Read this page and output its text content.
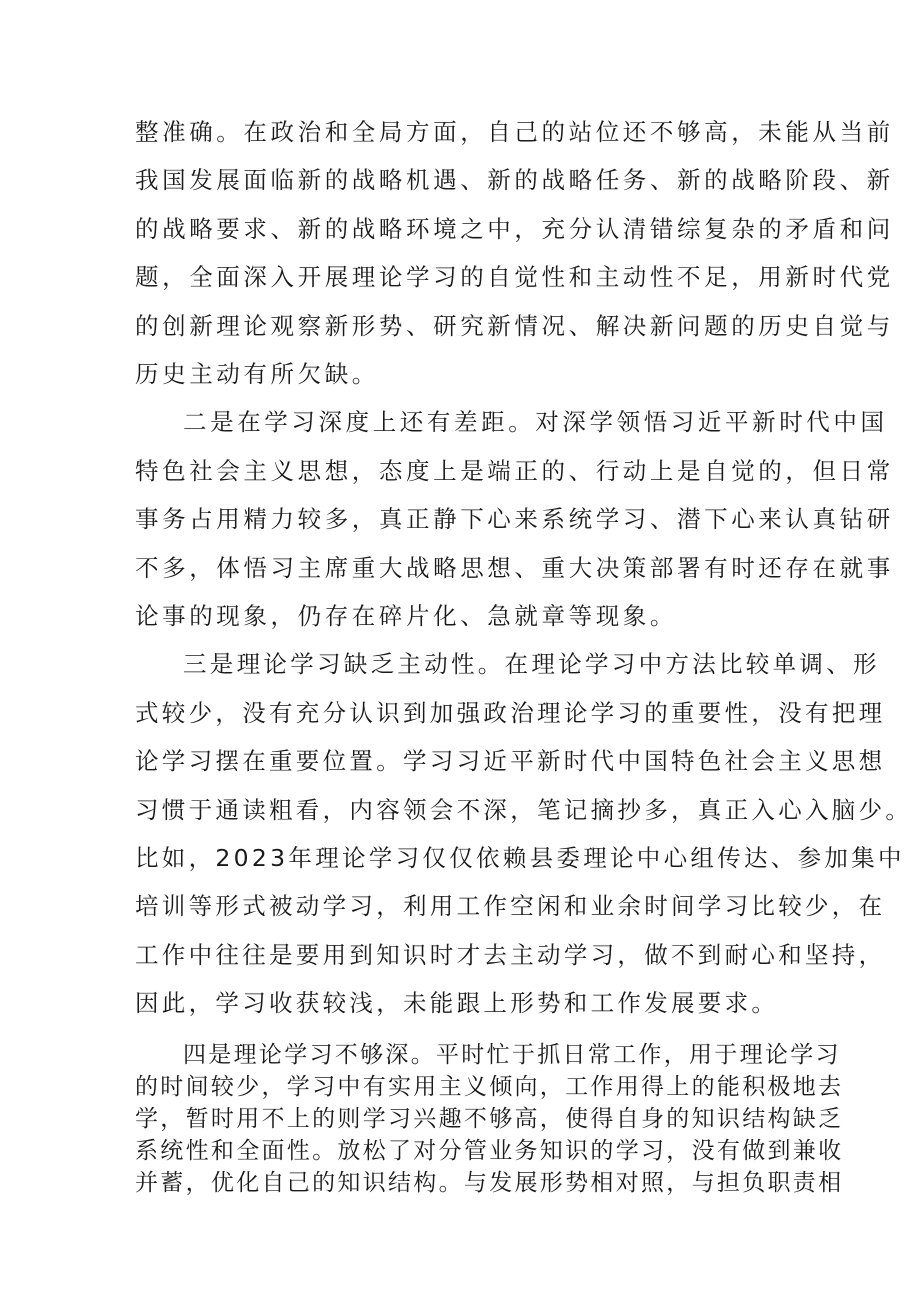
整准确。在政治和全局方面，自己的站位还不够高，未能从当前

我国发展面临新的战略机遇、新的战略任务、新的战略阶段、新

的战略要求、新的战略环境之中，充分认清错综复杂的矛盾和问

题，全面深入开展理论学习的自觉性和主动性不足，用新时代党

的创新理论观察新形势、研究新情况、解决新问题的历史自觉与

历史主动有所欠缺。

二是在学习深度上还有差距。对深学领悟习近平新时代中国

特色社会主义思想，态度上是端正的、行动上是自觉的，但日常

事务占用精力较多，真正静下心来系统学习、潜下心来认真钻研

不多，体悟习主席重大战略思想、重大决策部署有时还存在就事

论事的现象，仍存在碎片化、急就章等现象。

三是理论学习缺乏主动性。在理论学习中方法比较单调、形

式较少，没有充分认识到加强政治理论学习的重要性，没有把理

论学习摆在重要位置。学习习近平新时代中国特色社会主义思想

习惯于通读粗看，内容领会不深，笔记摘抄多，真正入心入脑少。

比如，2023年理论学习仅仅依赖县委理论中心组传达、参加集中

培训等形式被动学习，利用工作空闲和业余时间学习比较少，在

工作中往往是要用到知识时才去主动学习，做不到耐心和坚持，

因此，学习收获较浅，未能跟上形势和工作发展要求。

四是理论学习不够深。平时忙于抓日常工作，用于理论学习

的时间较少，学习中有实用主义倾向，工作用得上的能积极地去

学，暂时用不上的则学习兴趣不够高，使得自身的知识结构缺乏

系统性和全面性。放松了对分管业务知识的学习，没有做到兼收

并蓄，优化自己的知识结构。与发展形势相对照，与担负职责相
